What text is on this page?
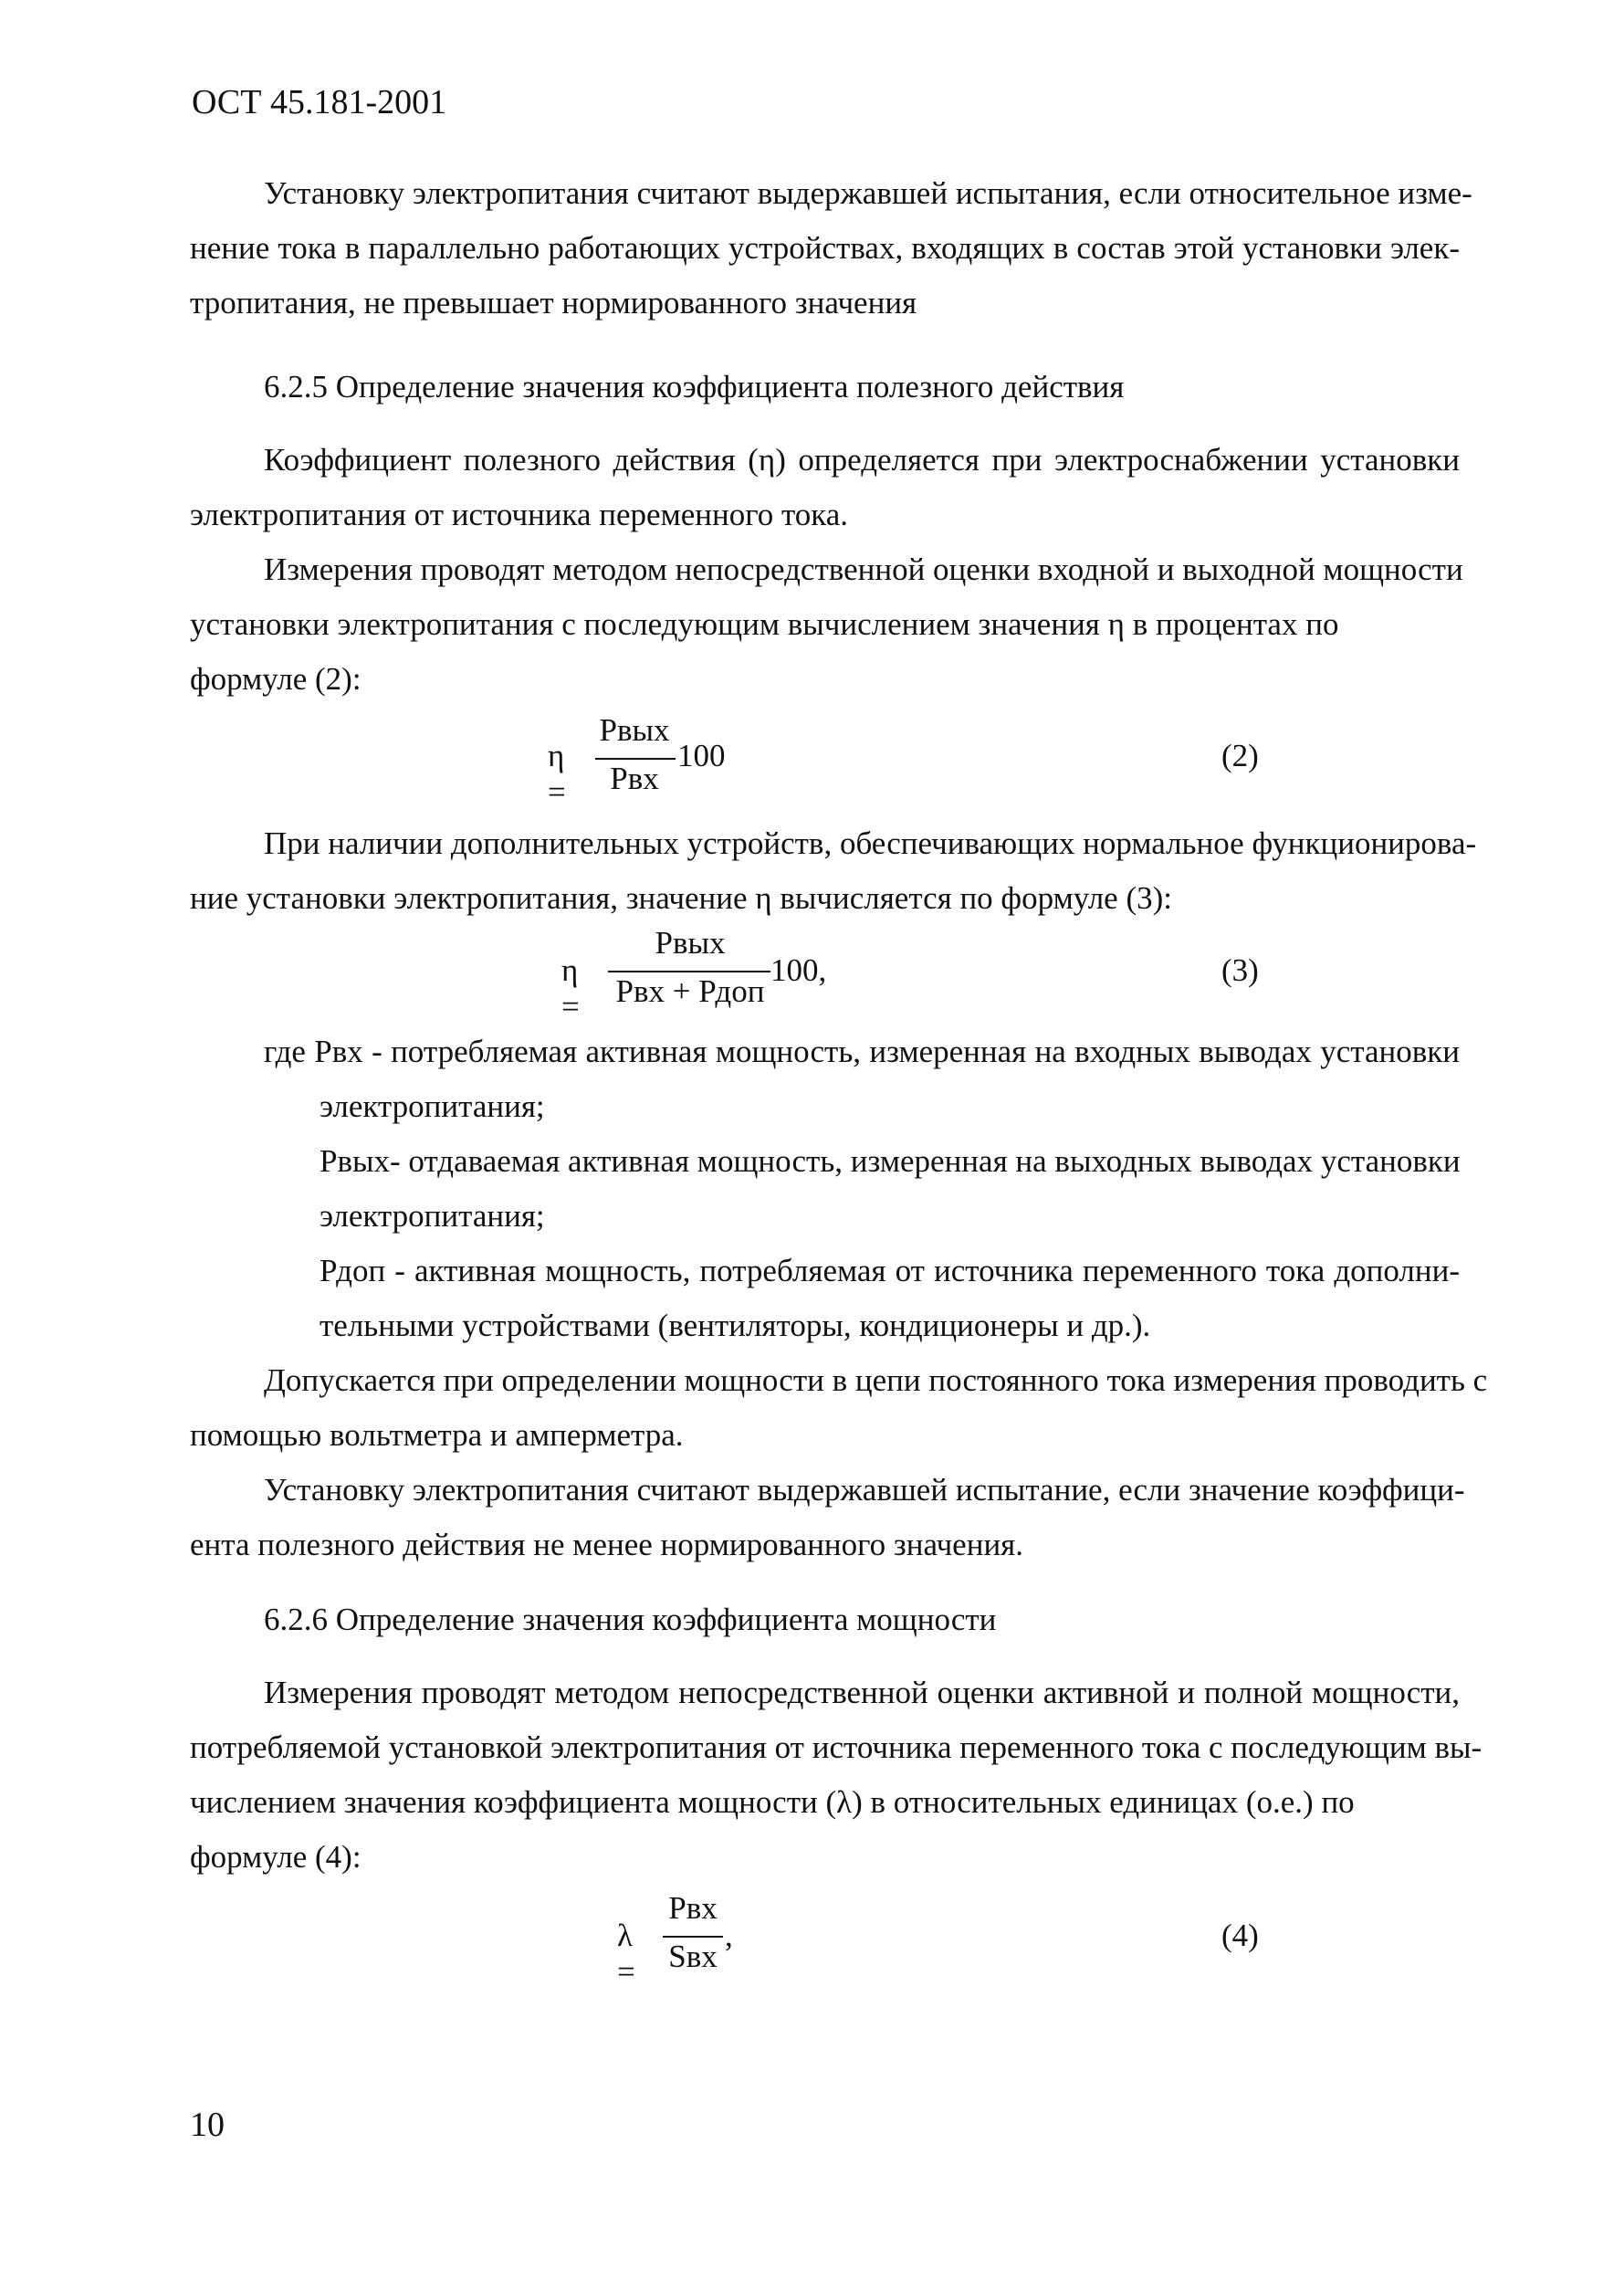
ОСТ 45.181-2001
Установку электропитания считают выдержавшей испытания, если относительное изме-
нение тока в параллельно работающих устройствах, входящих в состав этой установки элек-
тропитания, не превышает нормированного значения
6.2.5 Определение значения коэффициента полезного действия
Коэффициент полезного действия (η) определяется при электроснабжении установки
электропитания от источника переменного тока.
Измерения проводят методом непосредственной оценки входной и выходной мощности
установки электропитания с последующим вычислением значения η в процентах по
формуле (2):
η =
Рвых
Рвх
100	(2)
При наличии дополнительных устройств, обеспечивающих нормальное функционирова-
ние установки электропитания, значение η вычисляется по формуле (3):
η =
Рвых
Рвх + Рдоп
100,	(3)
где Рвх - потребляемая активная мощность, измеренная на входных выводах установки
электропитания;
Рвых- отдаваемая активная мощность, измеренная на выходных выводах установки
электропитания;
Рдоп - активная мощность, потребляемая от источника переменного тока дополни-
тельными устройствами (вентиляторы, кондиционеры и др.).
Допускается при определении мощности в цепи постоянного тока измерения проводить с
помощью вольтметра и амперметра.
Установку электропитания считают выдержавшей испытание, если значение коэффици-
ента полезного действия не менее нормированного значения.
6.2.6 Определение значения коэффициента мощности
Измерения проводят методом непосредственной оценки активной и полной мощности,
потребляемой установкой электропитания от источника переменного тока с последующим вы-
числением значения коэффициента мощности (λ) в относительных единицах (о.е.) по
формуле (4):
λ =
Рвх
Sвх
,	(4)
10
